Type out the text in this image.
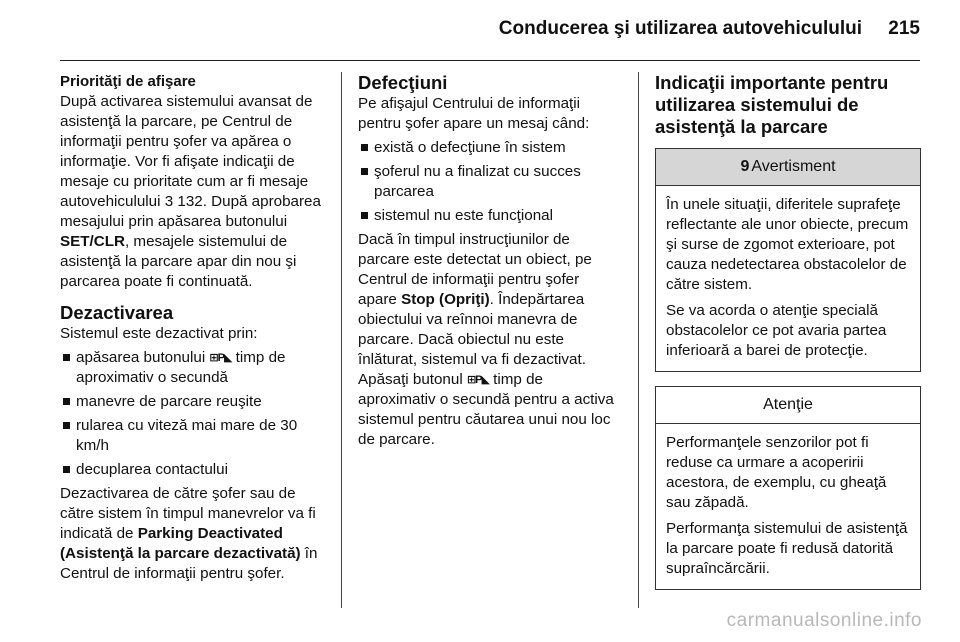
Conducerea şi utilizarea autovehiculului 215
Priorităţi de afişare

După activarea sistemului avansat de asistenţă la parcare, pe Centrul de informaţii pentru şofer va apărea o informaţie. Vor fi afişate indicaţii de mesaje cu prioritate cum ar fi mesaje autovehiculului 3 132. După aprobarea mesajului prin apăsarea butonului SET/CLR, mesajele sistemului de asistenţă la parcare apar din nou şi parcarea poate fi continuată.

Dezactivarea

Sistemul este dezactivat prin:

apăsarea butonului ⊞P◣ timp de aproximativ o secundă
manevre de parcare reuşite
rularea cu viteză mai mare de 30 km/h
decuplarea contactului

Dezactivarea de către şofer sau de către sistem în timpul manevrelor va fi indicată de Parking Deactivated (Asistenţă la parcare dezactivată) în Centrul de informaţii pentru şofer.

Defecţiuni

Pe afişajul Centrului de informaţii pentru şofer apare un mesaj când:

există o defecţiune în sistem
şoferul nu a finalizat cu succes parcarea
sistemul nu este funcţional

Dacă în timpul instrucţiunilor de parcare este detectat un obiect, pe Centrul de informaţii pentru şofer apare Stop (Opriţi). Îndepărtarea obiectului va reînnoi manevra de parcare. Dacă obiectul nu este înlăturat, sistemul va fi dezactivat. Apăsaţi butonul ⊞P◣ timp de aproximativ o secundă pentru a activa sistemul pentru căutarea unui nou loc de parcare.

Indicaţii importante pentru utilizarea sistemului de asistenţă la parcare
9 Avertisment

În unele situaţii, diferitele suprafeţe reflectante ale unor obiecte, precum şi surse de zgomot exterioare, pot cauza nedetectarea obstacolelor de către sistem.

Se va acorda o atenţie specială obstacolelor ce pot avaria partea inferioară a barei de protecţie.

Atenţie

Performanţele senzorilor pot fi reduse ca urmare a acoperirii acestora, de exemplu, cu gheaţă sau zăpadă.

Performanţa sistemului de asistenţă la parcare poate fi redusă datorită supraîncărcării.

carmanualsonline.info
